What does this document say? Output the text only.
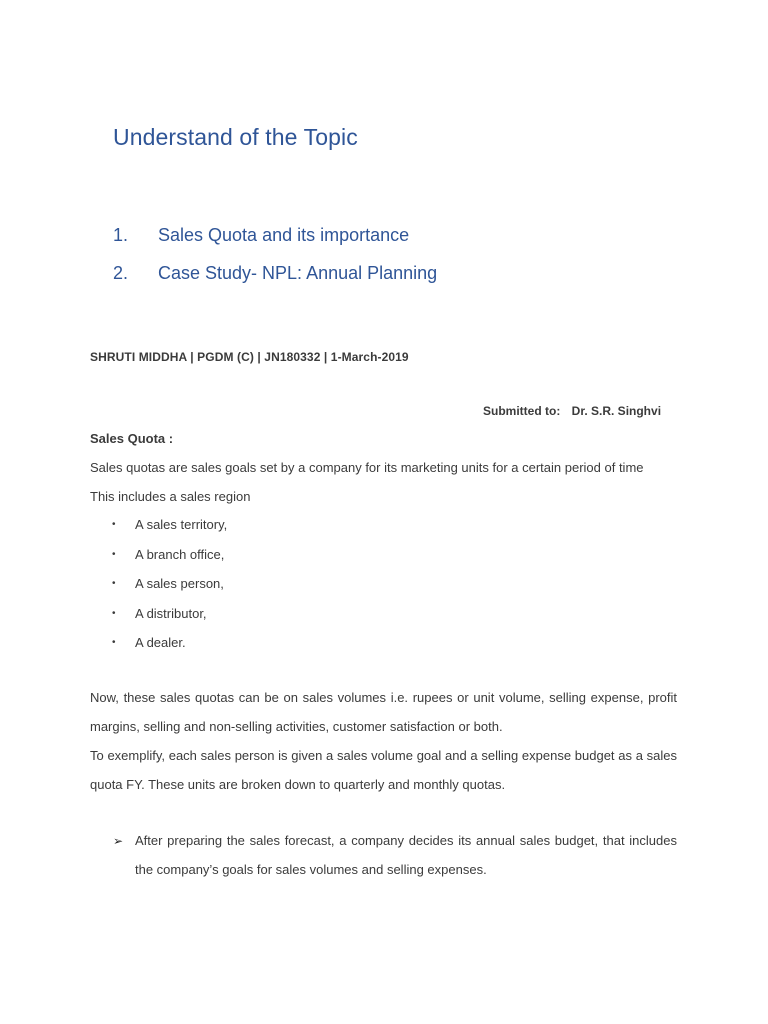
Understand of the Topic
1.	Sales Quota and its importance
2.	Case Study- NPL: Annual Planning
SHRUTI MIDDHA | PGDM (C) | JN180332 | 1-March-2019
Submitted to: Dr. S.R. Singhvi
Sales Quota :
Sales quotas are sales goals set by a company for its marketing units for a certain period of time
This includes a sales region
•	A sales territory,
•	A branch office,
•	A sales person,
•	A distributor,
•	A dealer.
Now, these sales quotas can be on sales volumes i.e. rupees or unit volume, selling expense, profit margins, selling and non-selling activities, customer satisfaction or both.
To exemplify, each sales person is given a sales volume goal and a selling expense budget as a sales quota FY. These units are broken down to quarterly and monthly quotas.
➢ After preparing the sales forecast, a company decides its annual sales budget, that includes the company’s goals for sales volumes and selling expenses.
